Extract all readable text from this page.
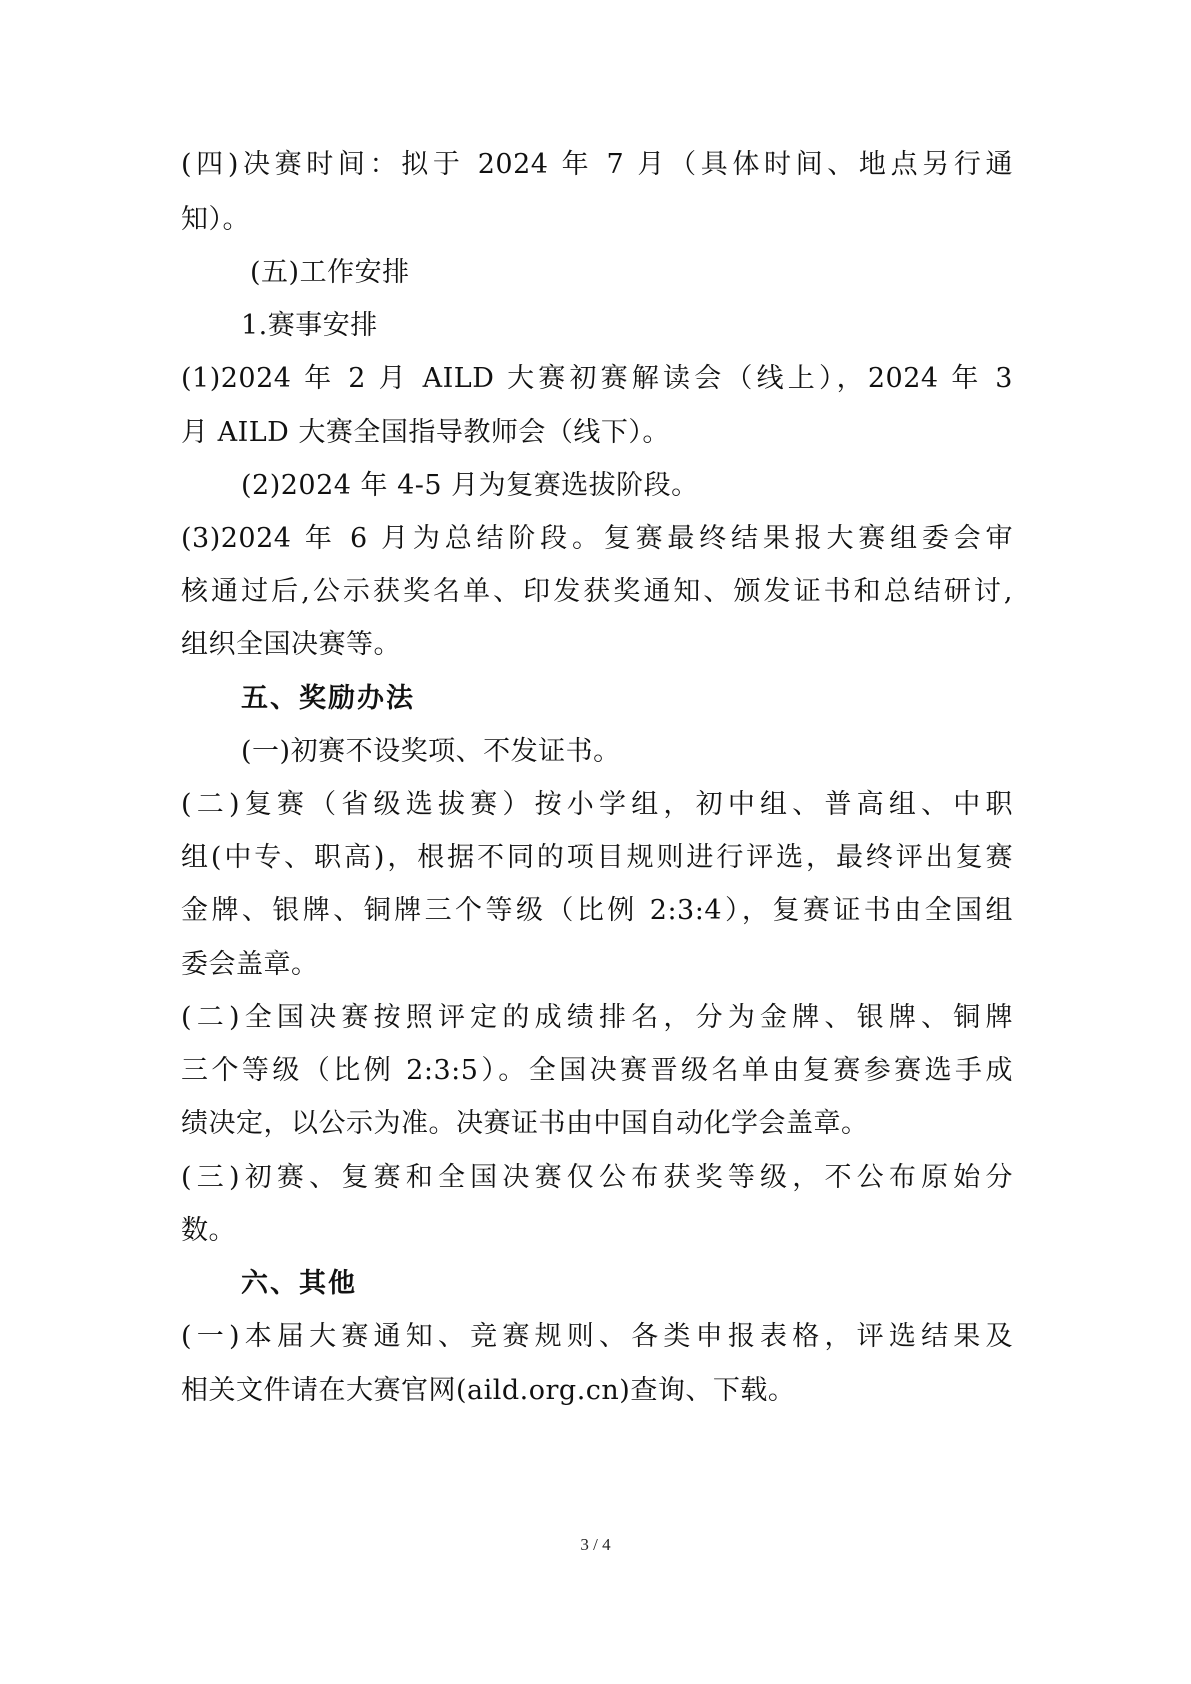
(四)决赛时间：拟于 2024 年 7 月（具体时间、地点另行通
知）。
(五)工作安排
1.赛事安排
(1)2024 年 2 月 AILD 大赛初赛解读会（线上），2024 年 3
月 AILD 大赛全国指导教师会（线下）。
(2)2024 年 4-5 月为复赛选拔阶段。
(3)2024 年 6 月为总结阶段。复赛最终结果报大赛组委会审
核通过后,公示获奖名单、印发获奖通知、颁发证书和总结研讨,
组织全国决赛等。
五、奖励办法
(一)初赛不设奖项、不发证书。
(二)复赛（省级选拔赛）按小学组，初中组、普高组、中职
组(中专、职高)，根据不同的项目规则进行评选，最终评出复赛
金牌、银牌、铜牌三个等级（比例 2:3:4），复赛证书由全国组
委会盖章。
(二)全国决赛按照评定的成绩排名，分为金牌、银牌、铜牌
三个等级（比例 2:3:5）。全国决赛晋级名单由复赛参赛选手成
绩决定，以公示为准。决赛证书由中国自动化学会盖章。
(三)初赛、复赛和全国决赛仅公布获奖等级，不公布原始分
数。
六、其他
(一)本届大赛通知、竞赛规则、各类申报表格，评选结果及
相关文件请在大赛官网(aild.org.cn)查询、下载。
3 / 4
